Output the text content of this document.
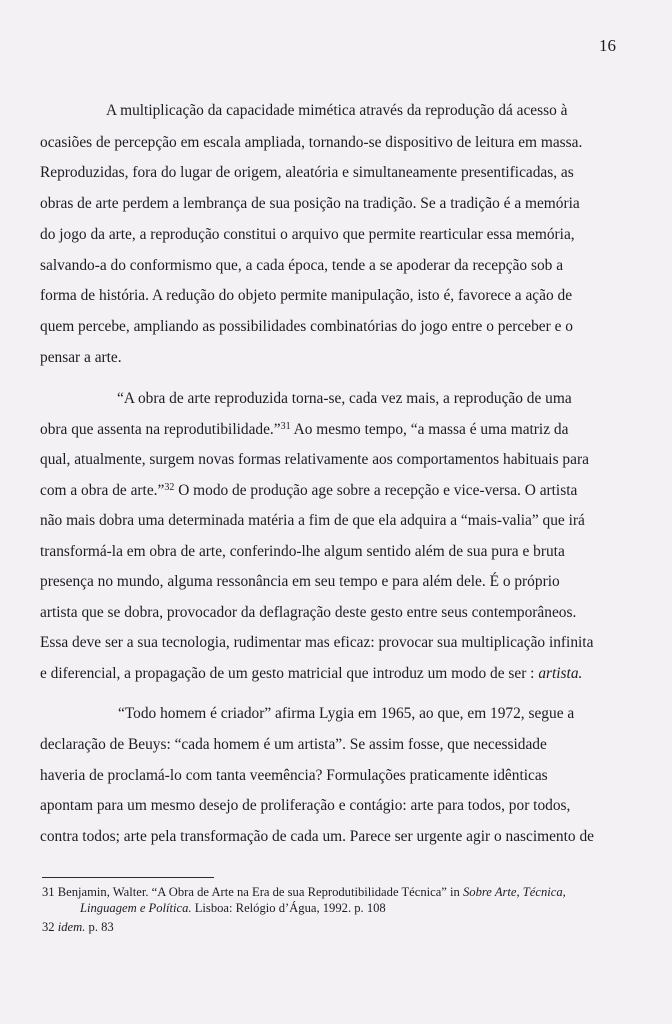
16
A multiplicação da capacidade mimética através da reprodução dá acesso à
ocasiões de percepção em escala ampliada, tornando-se dispositivo de leitura em massa.
Reproduzidas, fora do lugar de origem, aleatória e simultaneamente presentificadas, as
obras de arte perdem a lembrança de sua posição na tradição. Se a tradição é a memória
do jogo da arte, a reprodução constitui o arquivo que permite rearticular essa memória,
salvando-a do conformismo que, a cada época, tende a se apoderar da recepção sob a
forma de história. A redução do objeto permite manipulação, isto é, favorece a ação de
quem percebe, ampliando as possibilidades combinatórias do jogo entre o perceber e o
pensar a arte.
“A obra de arte reproduzida torna-se, cada vez mais, a reprodução de uma
obra que assenta na reprodutibilidade.”$^{31}$ Ao mesmo tempo, “a massa é uma matriz da
qual, atualmente, surgem novas formas relativamente aos comportamentos habituais para
com a obra de arte.”$^{32}$ O modo de produção age sobre a recepção e vice-versa. O artista
não mais dobra uma determinada matéria a fim de que ela adquira a “mais-valia” que irá
transformá-la em obra de arte, conferindo-lhe algum sentido além de sua pura e bruta
presença no mundo, alguma ressonância em seu tempo e para além dele. É o próprio
artista que se dobra, provocador da deflagração deste gesto entre seus contemporâneos.
Essa deve ser a sua tecnologia, rudimentar mas eficaz: provocar sua multiplicação infinita
e diferencial, a propagação de um gesto matricial que introduz um modo de ser : artista.
“Todo homem é criador” afirma Lygia em 1965, ao que, em 1972, segue a
declaração de Beuys: “cada homem é um artista”. Se assim fosse, que necessidade
haveria de proclamá-lo com tanta veemência? Formulações praticamente idênticas
apontam para um mesmo desejo de proliferação e contágio: arte para todos, por todos,
contra todos; arte pela transformação de cada um. Parece ser urgente agir o nascimento de
31 Benjamin, Walter. “A Obra de Arte na Era de sua Reprodutibilidade Técnica” in Sobre Arte, Técnica,
Linguagem e Política. Lisboa: Relógio d’Água, 1992. p. 108
32 idem. p. 83
